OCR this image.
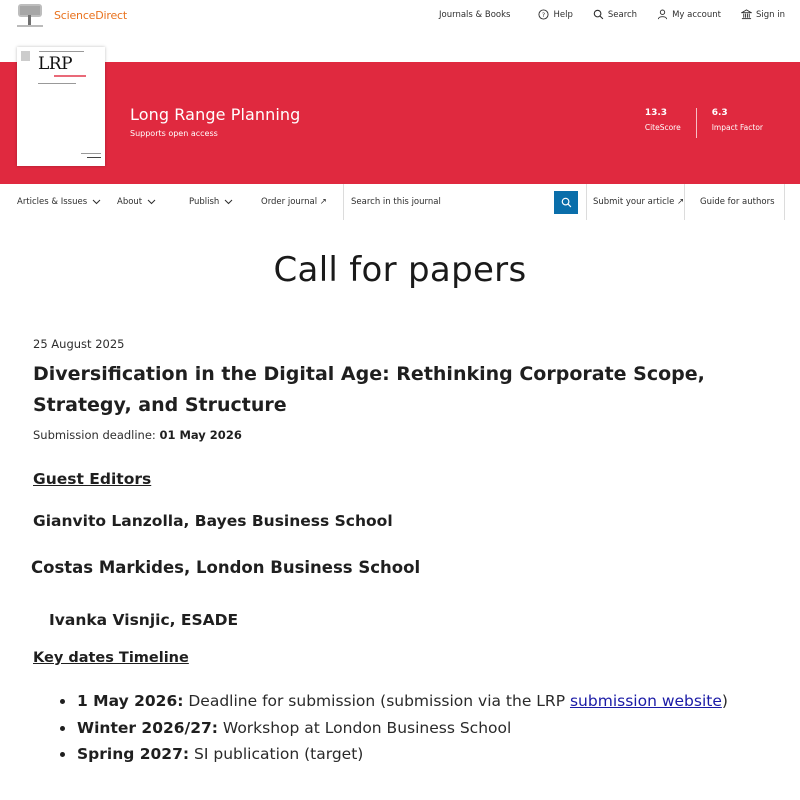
ScienceDirect	Journals & Books	? Help	Search	My account	Sign in
LRP
Long Range Planning
Supports open access
13.3
CiteScore
6.3
Impact Factor
Articles & Issues	About	Publish	Order journal ↗
Search in this journal	Submit your article ↗ Guide for authors
Call for papers
25 August 2025
Diversification in the Digital Age: Rethinking Corporate Scope, Strategy, and Structure
Submission deadline: 01 May 2026
Guest Editors
Gianvito Lanzolla, Bayes Business School
Costas Markides, London Business School
Ivanka Visnjic, ESADE
Key dates Timeline
1 May 2026: Deadline for submission (submission via the LRP submission website)
Winter 2026/27: Workshop at London Business School
Spring 2027: SI publication (target)
